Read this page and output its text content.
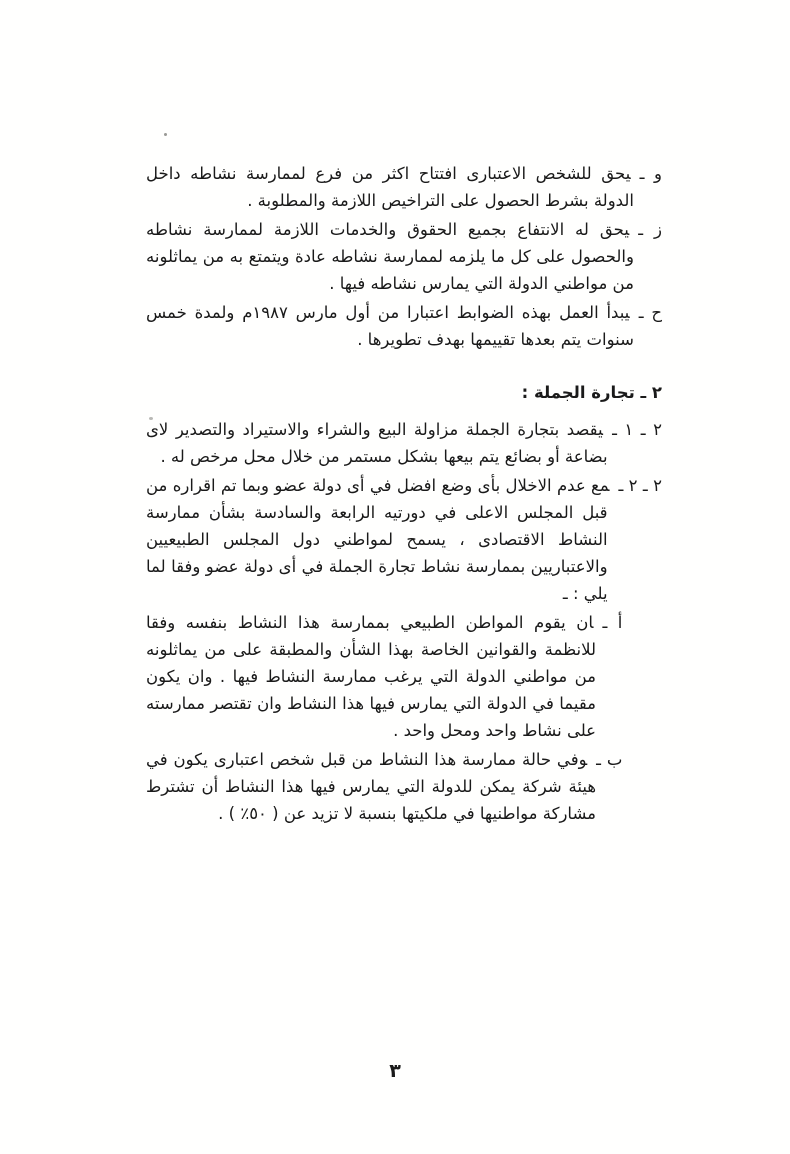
و ـيحق للشخص الاعتبارى افتتاح اكثر من فرع لممارسة نشاطه داخل الدولة بشرط الحصول على التراخيص اللازمة والمطلوبة .

ز ـيحق له الانتفاع بجميع الحقوق والخدمات اللازمة لممارسة نشاطه والحصول على كل ما يلزمه لممارسة نشاطه عادة ويتمتع به من يماثلونه من مواطني الدولة التي يمارس نشاطه فيها .

ح ـيبدأ العمل بهذه الضوابط اعتبارا من أول مارس ١٩٨٧م ولمدة خمس سنوات يتم بعدها تقييمها بهدف تطويرها .

٢ ـ تجارة الجملة :

٢ ـ ١ ـيقصد بتجارة الجملة مزاولة البيع والشراء والاستيراد والتصدير لاى بضاعة أو بضائع يتم بيعها بشكل مستمر من خلال محل مرخص له .

٢ ـ ٢ ـمع عدم الاخلال بأى وضع افضل في أى دولة عضو وبما تم اقراره من قبل المجلس الاعلى في دورتيه الرابعة والسادسة بشأن ممارسة النشاط الاقتصادى ، يسمح لمواطني دول المجلس الطبيعيين والاعتباريين بممارسة نشاط تجارة الجملة في أى دولة عضو وفقا لما يلي : ـ

أ ـان يقوم المواطن الطبيعي بممارسة هذا النشاط بنفسه وفقا للانظمة والقوانين الخاصة بهذا الشأن والمطبقة على من يماثلونه من مواطني الدولة التي يرغب ممارسة النشاط فيها . وان يكون مقيما في الدولة التي يمارس فيها هذا النشاط وان تقتصر ممارسته على نشاط واحد ومحل واحد .

ب ـوفي حالة ممارسة هذا النشاط من قبل شخص اعتبارى يكون في هيئة شركة يمكن للدولة التي يمارس فيها هذا النشاط أن تشترط مشاركة مواطنيها في ملكيتها بنسبة لا تزيد عن ( ٥٠٪ ) .

٣
